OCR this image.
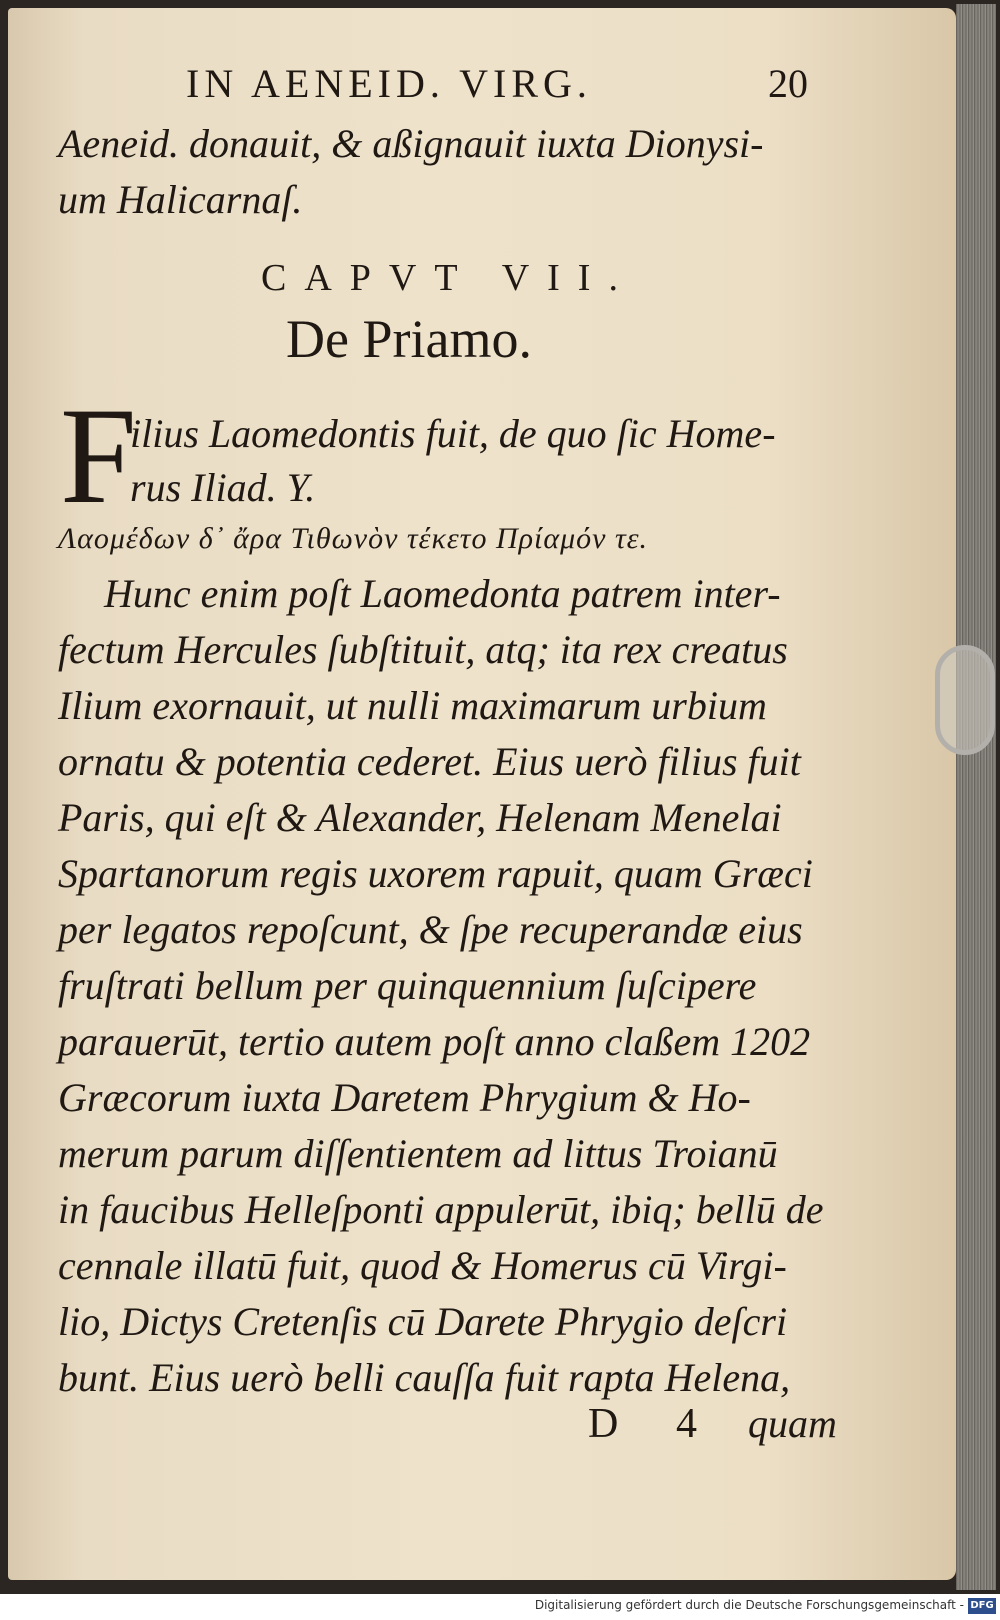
IN AENEID. VIRG.	20
Aeneid. donauit, & aßignauit iuxta Dionysi-
um Halicarnaſ.
CAPVT VII.
De Priamo.
F
ilius Laomedontis fuit, de quo ſic Home-
rus Iliad. Y.
Λαομέδων δ᾽ ἄρα Τιθωνὸν τέκετο Πρίαμόν τε.
Hunc enim poſt Laomedonta patrem inter-
fectum Hercules ſubſtituit, atq; ita rex creatus
Ilium exornauit, ut nulli maximarum urbium
ornatu & potentia cederet. Eius uerò filius fuit
Paris, qui eſt & Alexander, Helenam Menelai
Spartanorum regis uxorem rapuit, quam Græci
per legatos repoſcunt, & ſpe recuperandæ eius
fruſtrati bellum per quinquennium ſuſcipere
parauerūt, tertio autem poſt anno claßem 1202
Græcorum iuxta Daretem Phrygium & Ho-
merum parum diſſentientem ad littus Troianū
in faucibus Helleſponti appulerūt, ibiq; bellū de
cennale illatū fuit, quod & Homerus cū Virgi-
lio, Dictys Cretenſis cū Darete Phrygio deſcri
bunt. Eius uerò belli cauſſa fuit rapta Helena,
D 4 quam
Digitalisierung gefördert durch die Deutsche Forschungsgemeinschaft - DFG
